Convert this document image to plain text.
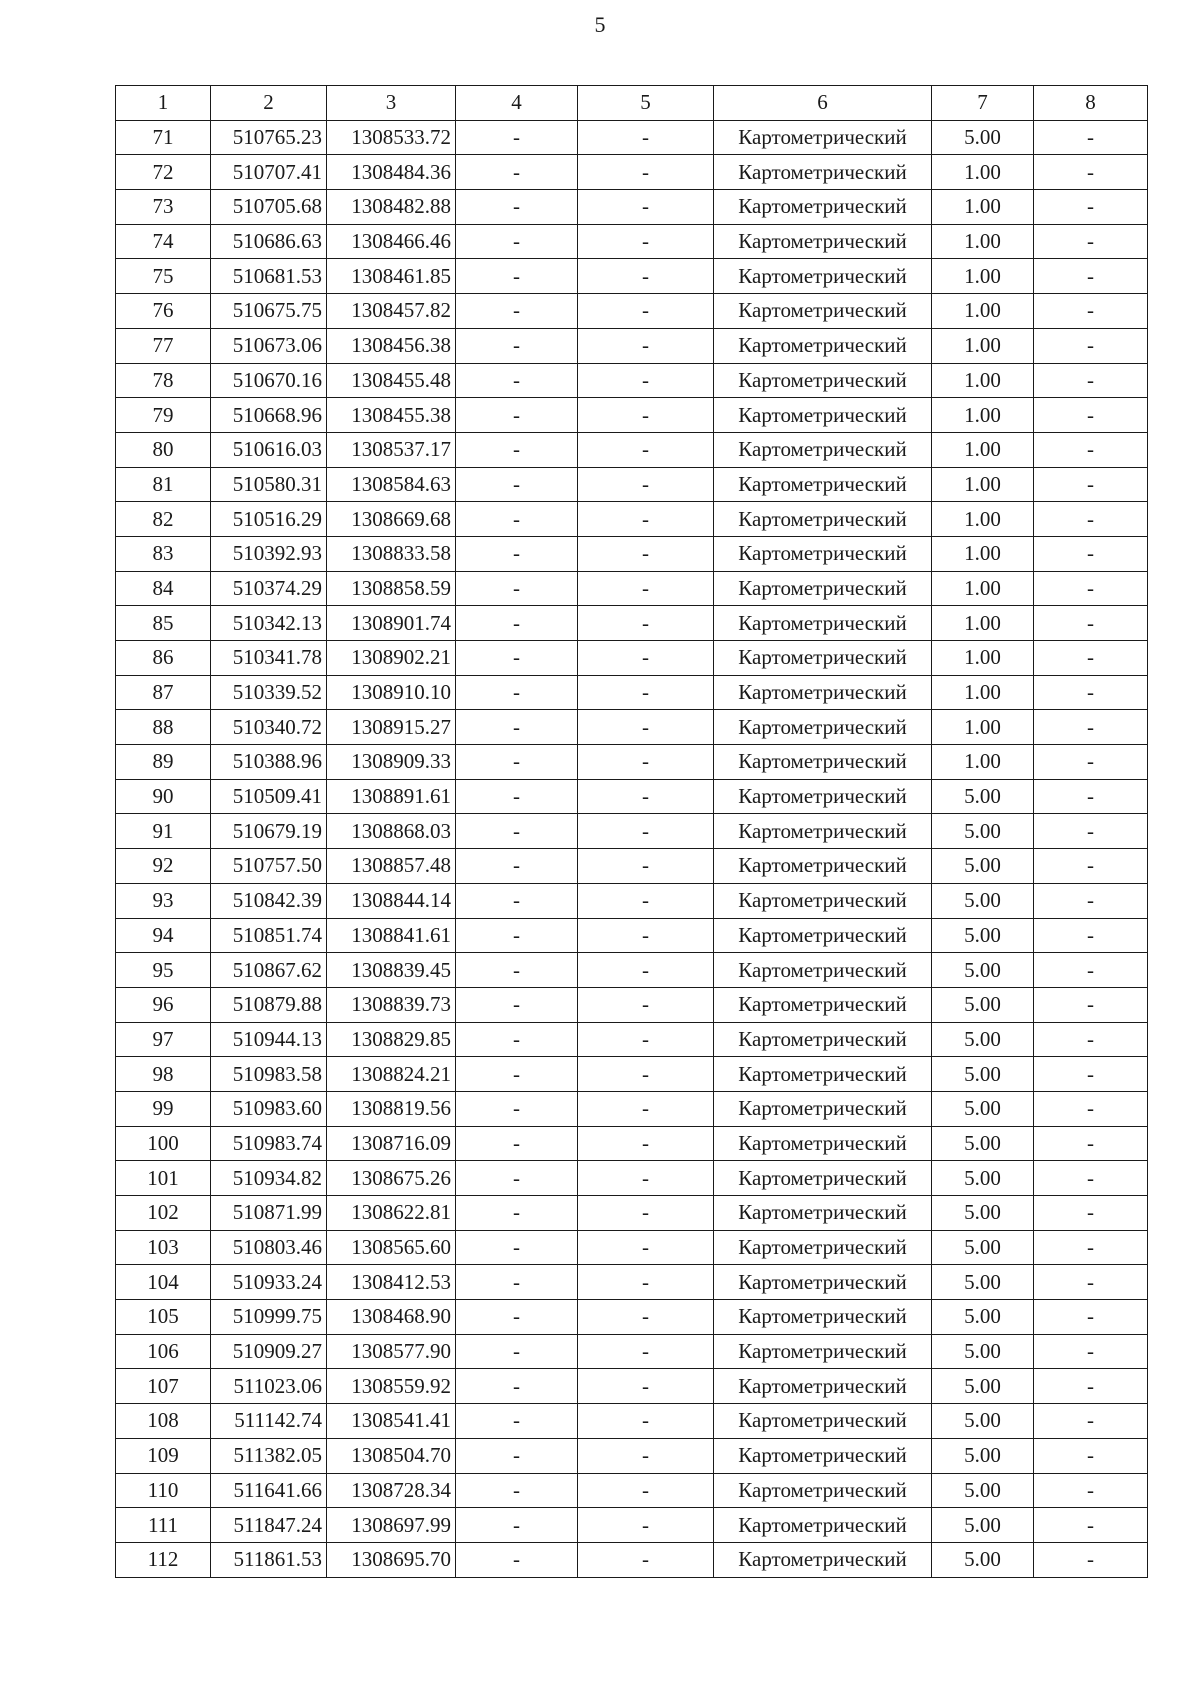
5
1	2	3	4	5	6	7	8
71	510765.23	1308533.72	-	-	Картометрический	5.00	-
72	510707.41	1308484.36	-	-	Картометрический	1.00	-
73	510705.68	1308482.88	-	-	Картометрический	1.00	-
74	510686.63	1308466.46	-	-	Картометрический	1.00	-
75	510681.53	1308461.85	-	-	Картометрический	1.00	-
76	510675.75	1308457.82	-	-	Картометрический	1.00	-
77	510673.06	1308456.38	-	-	Картометрический	1.00	-
78	510670.16	1308455.48	-	-	Картометрический	1.00	-
79	510668.96	1308455.38	-	-	Картометрический	1.00	-
80	510616.03	1308537.17	-	-	Картометрический	1.00	-
81	510580.31	1308584.63	-	-	Картометрический	1.00	-
82	510516.29	1308669.68	-	-	Картометрический	1.00	-
83	510392.93	1308833.58	-	-	Картометрический	1.00	-
84	510374.29	1308858.59	-	-	Картометрический	1.00	-
85	510342.13	1308901.74	-	-	Картометрический	1.00	-
86	510341.78	1308902.21	-	-	Картометрический	1.00	-
87	510339.52	1308910.10	-	-	Картометрический	1.00	-
88	510340.72	1308915.27	-	-	Картометрический	1.00	-
89	510388.96	1308909.33	-	-	Картометрический	1.00	-
90	510509.41	1308891.61	-	-	Картометрический	5.00	-
91	510679.19	1308868.03	-	-	Картометрический	5.00	-
92	510757.50	1308857.48	-	-	Картометрический	5.00	-
93	510842.39	1308844.14	-	-	Картометрический	5.00	-
94	510851.74	1308841.61	-	-	Картометрический	5.00	-
95	510867.62	1308839.45	-	-	Картометрический	5.00	-
96	510879.88	1308839.73	-	-	Картометрический	5.00	-
97	510944.13	1308829.85	-	-	Картометрический	5.00	-
98	510983.58	1308824.21	-	-	Картометрический	5.00	-
99	510983.60	1308819.56	-	-	Картометрический	5.00	-
100	510983.74	1308716.09	-	-	Картометрический	5.00	-
101	510934.82	1308675.26	-	-	Картометрический	5.00	-
102	510871.99	1308622.81	-	-	Картометрический	5.00	-
103	510803.46	1308565.60	-	-	Картометрический	5.00	-
104	510933.24	1308412.53	-	-	Картометрический	5.00	-
105	510999.75	1308468.90	-	-	Картометрический	5.00	-
106	510909.27	1308577.90	-	-	Картометрический	5.00	-
107	511023.06	1308559.92	-	-	Картометрический	5.00	-
108	511142.74	1308541.41	-	-	Картометрический	5.00	-
109	511382.05	1308504.70	-	-	Картометрический	5.00	-
110	511641.66	1308728.34	-	-	Картометрический	5.00	-
111	511847.24	1308697.99	-	-	Картометрический	5.00	-
112	511861.53	1308695.70	-	-	Картометрический	5.00	-
